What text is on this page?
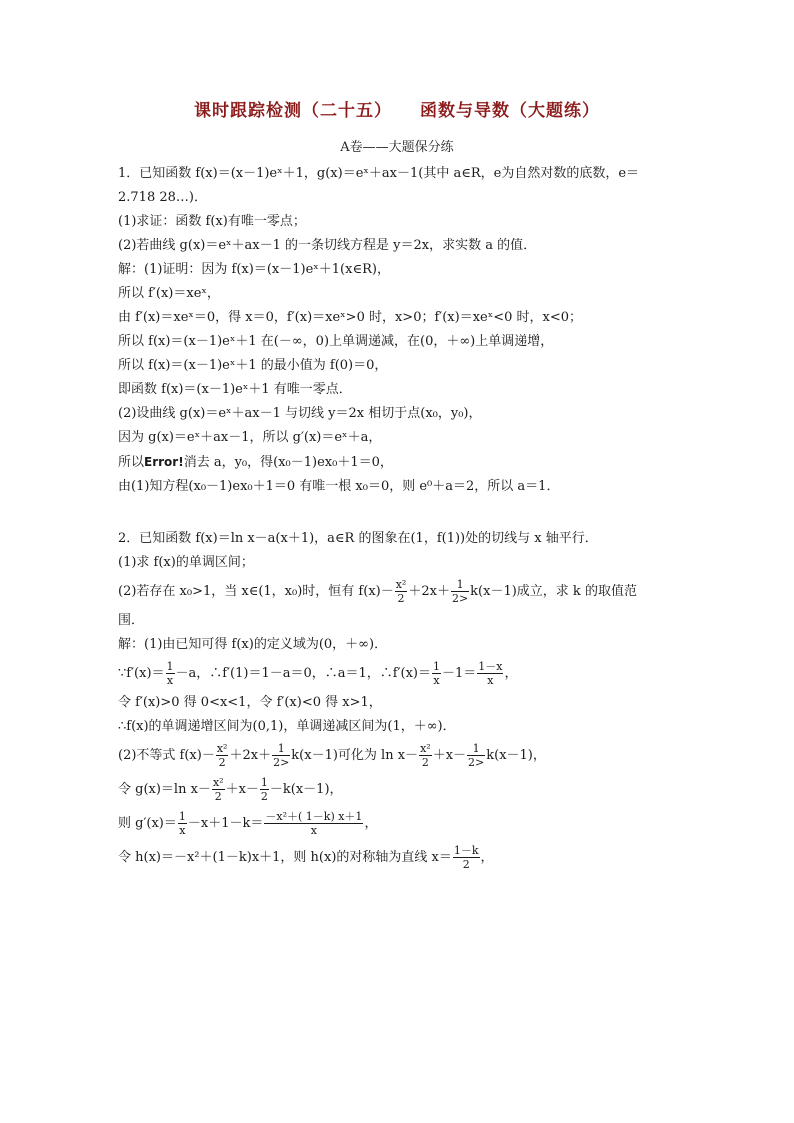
课时跟踪检测（二十五） 函数与导数（大题练）
A卷——大题保分练
1．已知函数 f(x)＝(x－1)eˣ＋1，g(x)＝eˣ＋ax－1(其中 a∈R，e为自然对数的底数，e＝
2.718 28…)．
(1)求证：函数 f(x)有唯一零点；
(2)若曲线 g(x)＝eˣ＋ax－1 的一条切线方程是 y＝2x，求实数 a 的值．
解：(1)证明：因为 f(x)＝(x－1)eˣ＋1(x∈R)，
所以 f′(x)＝xeˣ，
由 f′(x)＝xeˣ＝0，得 x＝0，f′(x)＝xeˣ>0 时，x>0；f′(x)＝xeˣ<0 时，x<0；
所以 f(x)＝(x－1)eˣ＋1 在(－∞，0)上单调递减，在(0，＋∞)上单调递增，
所以 f(x)＝(x－1)eˣ＋1 的最小值为 f(0)＝0，
即函数 f(x)＝(x－1)eˣ＋1 有唯一零点．
(2)设曲线 g(x)＝eˣ＋ax－1 与切线 y＝2x 相切于点(x₀，y₀)，
因为 g(x)＝eˣ＋ax－1，所以 g′(x)＝eˣ＋a，
所以Error!消去 a，y₀，得(x₀－1)ex₀＋1＝0，
由(1)知方程(x₀－1)ex₀＋1＝0 有唯一根 x₀＝0，则 e⁰＋a＝2，所以 a＝1．
2．已知函数 f(x)＝ln x－a(x＋1)，a∈R 的图象在(1，f(1))处的切线与 x 轴平行．
(1)求 f(x)的单调区间；
(2)若存在 x₀>1，当 x∈(1，x₀)时，恒有 $f(x)- \frac{\text{x²}}{2} +2x+ \frac{1}{2>} k(x-1)$成立，求 k 的取值范
围．
解：(1)由已知可得 f(x)的定义域为(0，＋∞)．
∵f′(x)＝ $\frac{1}{x} -a$，∴f′(1)＝1－a＝0，∴a＝1，∴f′(x)＝ $\frac{1}{x} -1= \frac{1-x}{x}$ ，
令 f′(x)>0 得 0<x<1，令 f′(x)<0 得 x>1，
∴f(x)的单调递增区间为(0,1)，单调递减区间为(1，＋∞)．
(2)不等式 $f(x)- \frac{\text{x²}}{2} +2x+ \frac{1}{2>} k(x-1)$可化为 $\ln x- \frac{\text{x²}}{2} +x- \frac{1}{2>} k(x-1)$，
令 g(x)＝ln $x- \frac{\text{x²}}{2} +x- \frac{1}{2} -k(x-1)$，
则 $g'(x)= \frac{1}{x} -x+1-k= \frac{\text{－x²＋( 1－k) x＋1}}{x}$ ，
令 h(x)＝－x²＋(1－k)x＋1，则 h(x)的对称轴为直线 $x= \frac{1-k}{2}$ ，
